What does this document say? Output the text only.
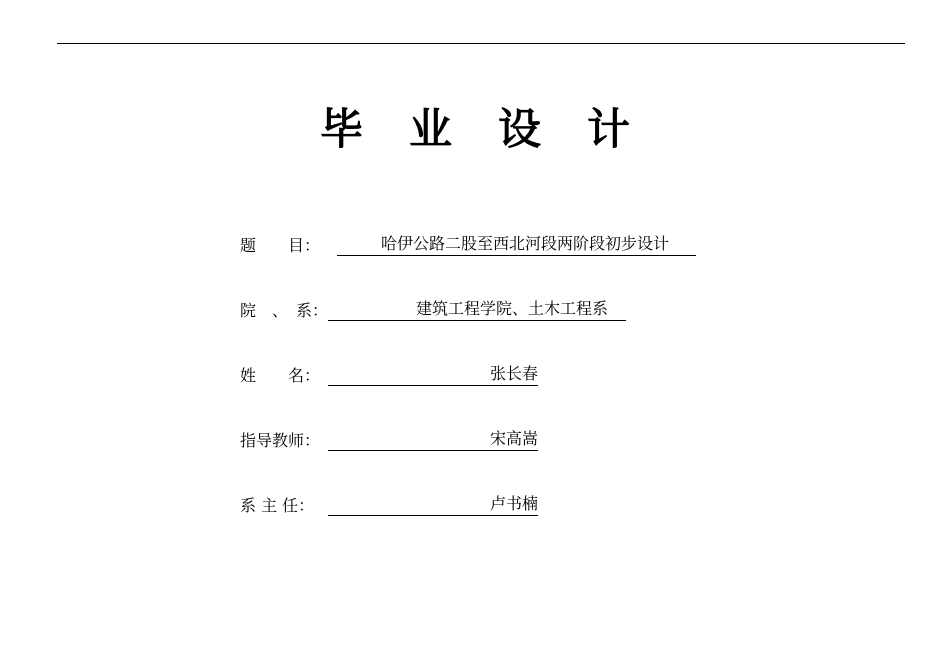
毕业设计
题　　目：	哈伊公路二股至西北河段两阶段初步设计
院　、　系：	建筑工程学院、土木工程系
姓　　名：	张长春
指导教师：	宋高嵩
系 主 任：	卢书楠
